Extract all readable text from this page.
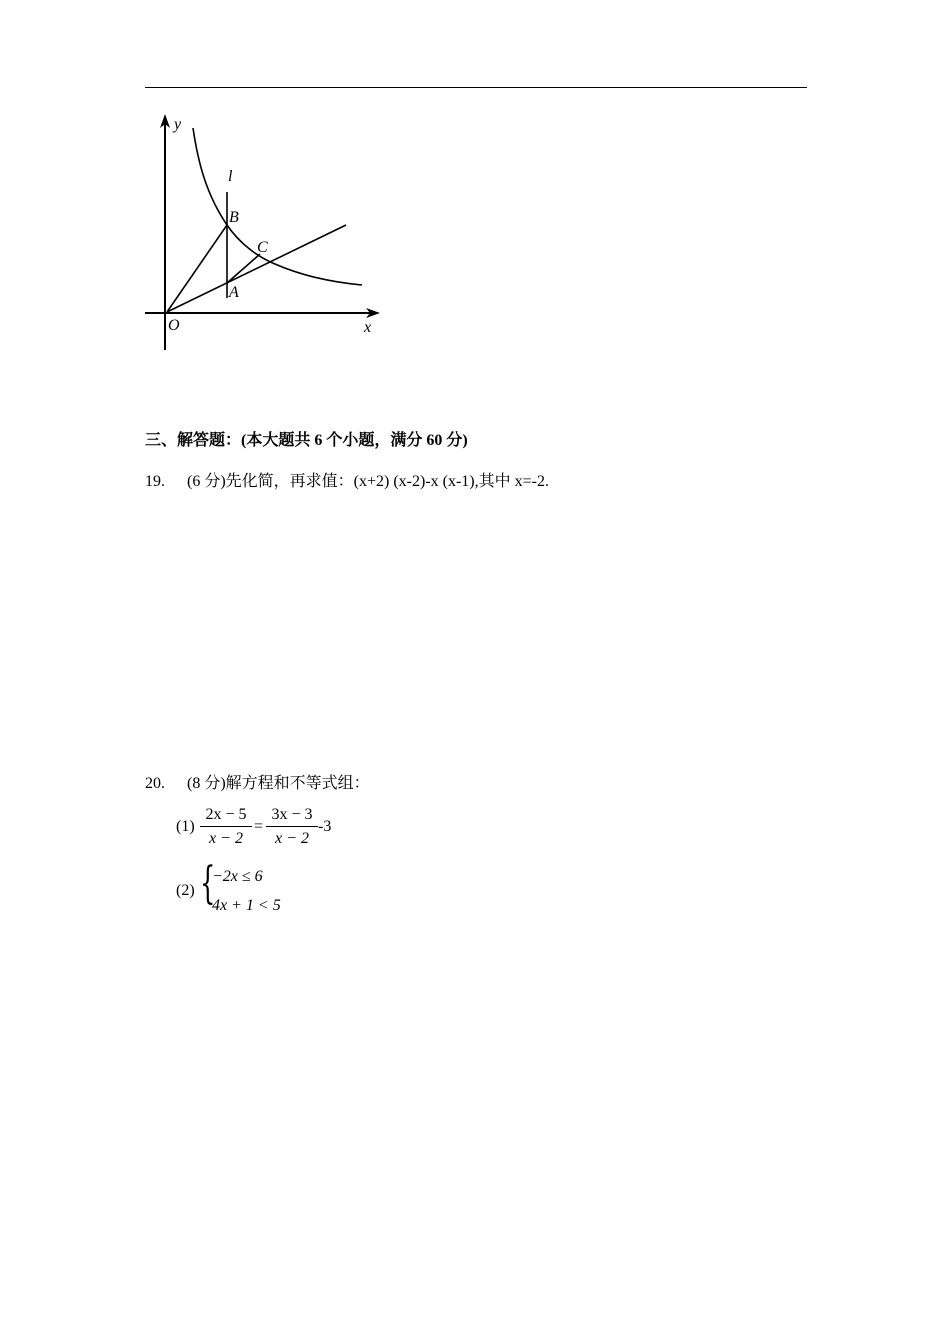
y
x
O
l
B
C
A
三、解答题：(本大题共 6 个小题，满分 60 分)
19. (6 分)先化简，再求值：(x+2) (x-2)-x (x-1),其中 x=-2.
20. (8 分)解方程和不等式组：
$(1) \frac{2x - 5}{x - 2} = \frac{3x - 3}{x - 2} -3$
(2) {
−2x ≤ 6
4x + 1 < 5
